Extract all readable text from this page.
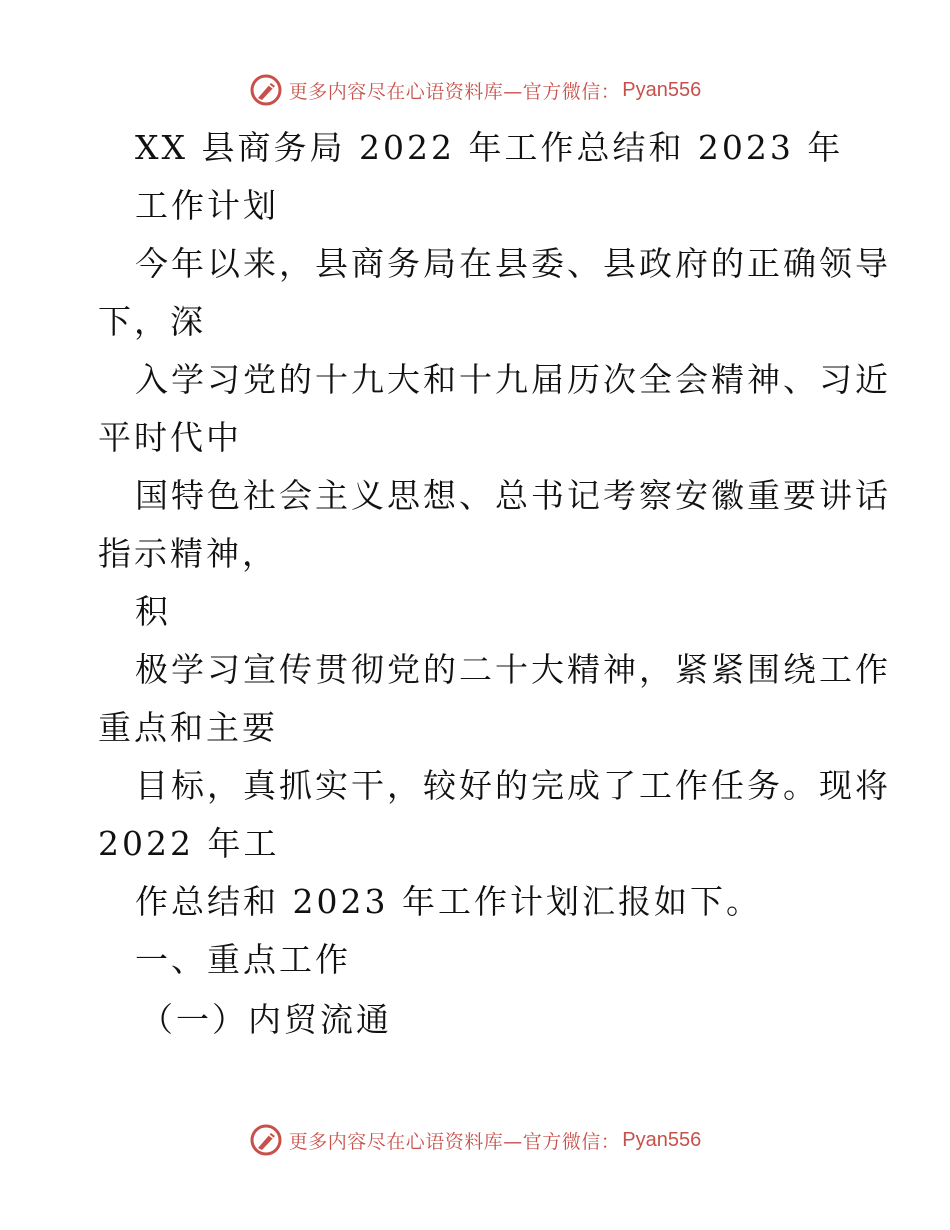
更多内容尽在心语资料库—官方微信： Pyan556
XX 县商务局 2022 年工作总结和 2023 年
工作计划
今年以来，县商务局在县委、县政府的正确领导
下，深
入学习党的十九大和十九届历次全会精神、习近
平时代中
国特色社会主义思想、总书记考察安徽重要讲话
指示精神，
积
极学习宣传贯彻党的二十大精神，紧紧围绕工作
重点和主要
目标，真抓实干，较好的完成了工作任务。现将
2022 年工
作总结和 2023 年工作计划汇报如下。
一、重点工作
（一）内贸流通
更多内容尽在心语资料库—官方微信： Pyan556
